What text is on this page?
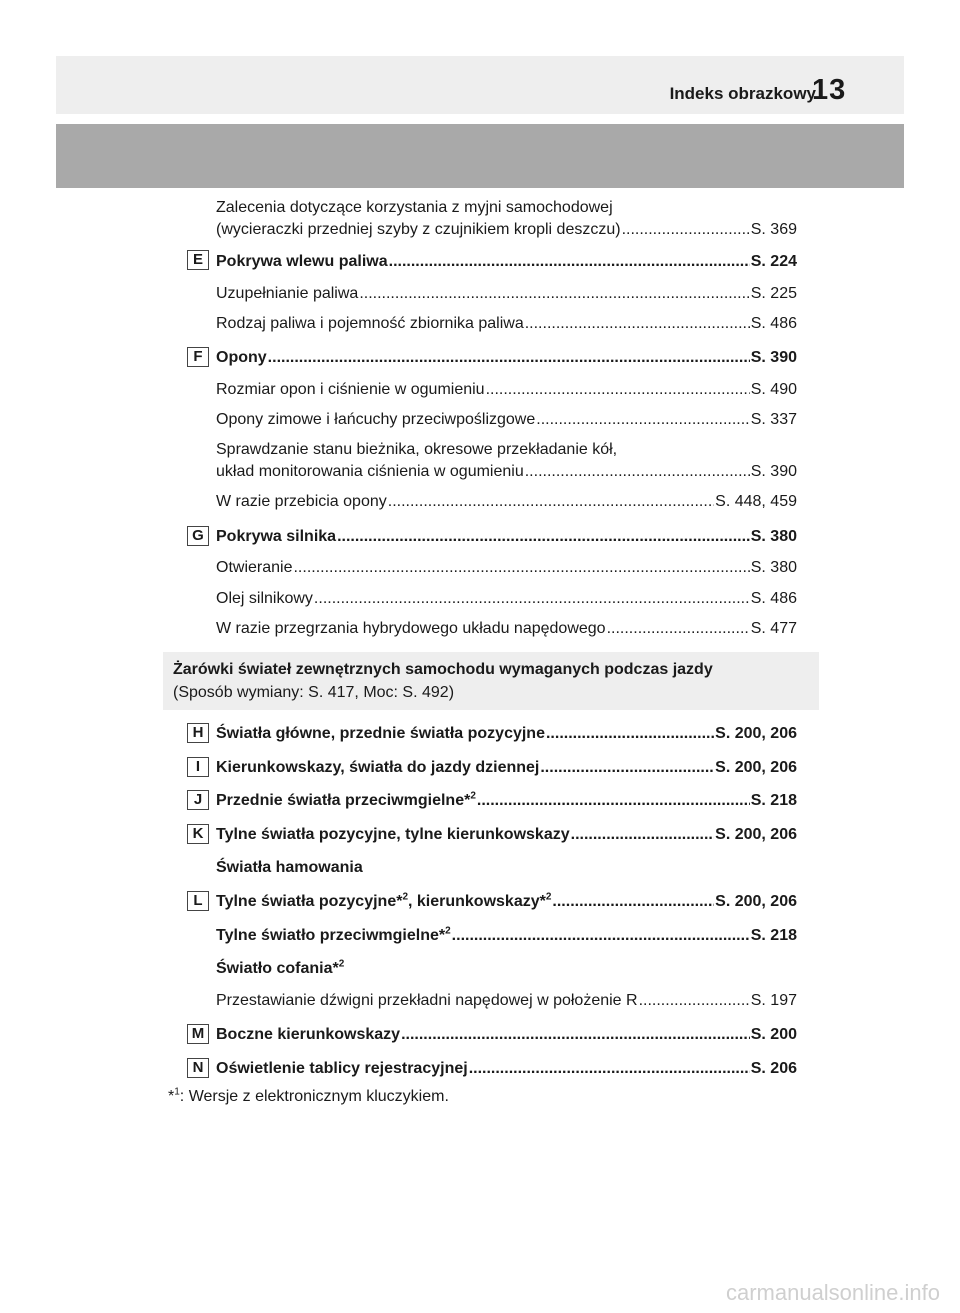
Indeks obrazkowy
13
Zalecenia dotyczące korzystania z myjni samochodowej
(wycieraczki przedniej szyby z czujnikiem kropli deszczu) .....	S. 369
E Pokrywa wlewu paliwa .....	S. 224
Uzupełnianie paliwa .....	S. 225
Rodzaj paliwa i pojemność zbiornika paliwa .....	S. 486
F Opony .....	S. 390
Rozmiar opon i ciśnienie w ogumieniu .....	S. 490
Opony zimowe i łańcuchy przeciwpoślizgowe .....	S. 337
Sprawdzanie stanu bieżnika, okresowe przekładanie kół,
układ monitorowania ciśnienia w ogumieniu .....	S. 390
W razie przebicia opony .....	S. 448, 459
G Pokrywa silnika .....	S. 380
Otwieranie .....	S. 380
Olej silnikowy .....	S. 486
W razie przegrzania hybrydowego układu napędowego .....	S. 477
Żarówki świateł zewnętrznych samochodu wymaganych podczas jazdy
(Sposób wymiany: S. 417, Moc: S. 492)
H Światła główne, przednie światła pozycyjne .....	S. 200, 206
I Kierunkowskazy, światła do jazdy dziennej .....	S. 200, 206
J Przednie światła przeciwmgielne*$^2$ .....	S. 218
K Tylne światła pozycyjne, tylne kierunkowskazy .....	S. 200, 206
Światła hamowania
L Tylne światła pozycyjne*$^2$, kierunkowskazy*$^2$ .....	S. 200, 206
Tylne światło przeciwmgielne*$^2$ .....	S. 218
Światło cofania*$^2$
Przestawianie dźwigni przekładni napędowej w położenie R .....	S. 197
M Boczne kierunkowskazy .....	S. 200
N Oświetlenie tablicy rejestracyjnej .....	S. 206
*$^1$: Wersje z elektronicznym kluczykiem.
carmanualsonline.info
